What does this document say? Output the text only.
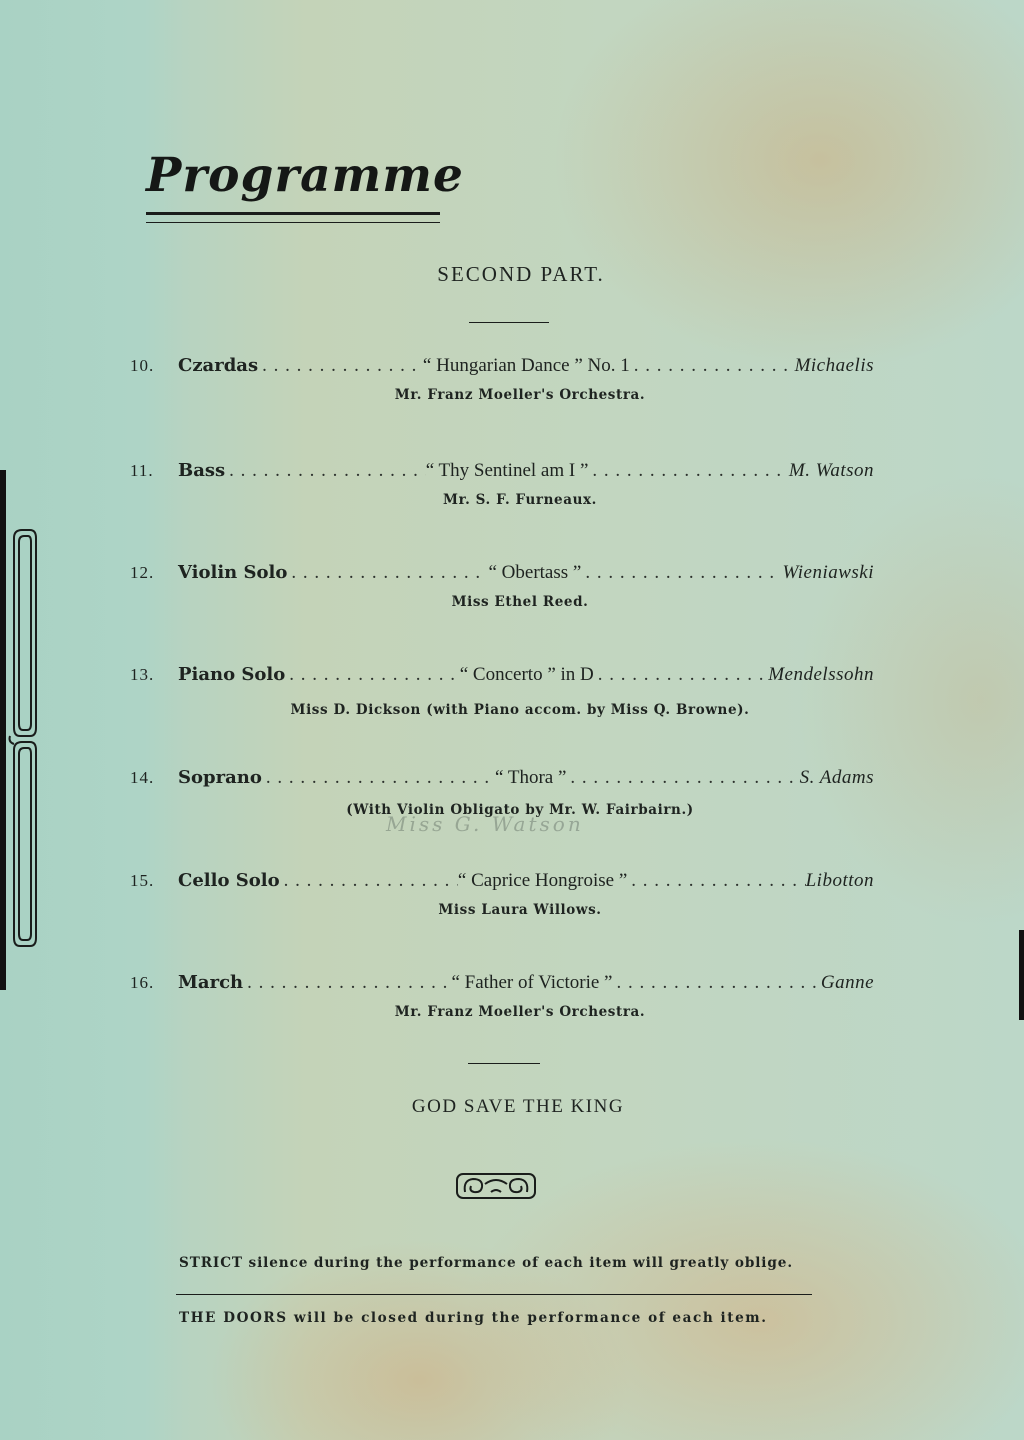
Programme
SECOND PART.
10.	Czardas . . .	“ Hungarian Dance ” No. 1 . . .	Michaelis
Mr. Franz Moeller's Orchestra.
11.	Bass . . .	“ Thy Sentinel am I ” . . .	M. Watson
Mr. S. F. Furneaux.
12.	Violin Solo . . .	“ Obertass ” . . .	Wieniawski
Miss Ethel Reed.
13.	Piano Solo . . .	“ Concerto ” in D . . .	Mendelssohn
Miss D. Dickson (with Piano accom. by Miss Q. Browne).
14.	Soprano . . .	“ Thora ” . . .	S. Adams
(With Violin Obligato by Mr. W. Fairbairn.)
Miss G. Watson
15.	Cello Solo . . .	“ Caprice Hongroise ” . . .	Libotton
Miss Laura Willows.
16.	March . . .	“ Father of Victorie ” . . .	Ganne
Mr. Franz Moeller's Orchestra.
GOD SAVE THE KING
STRICT silence during the performance of each item will greatly oblige.
THE DOORS will be closed during the performance of each item.
